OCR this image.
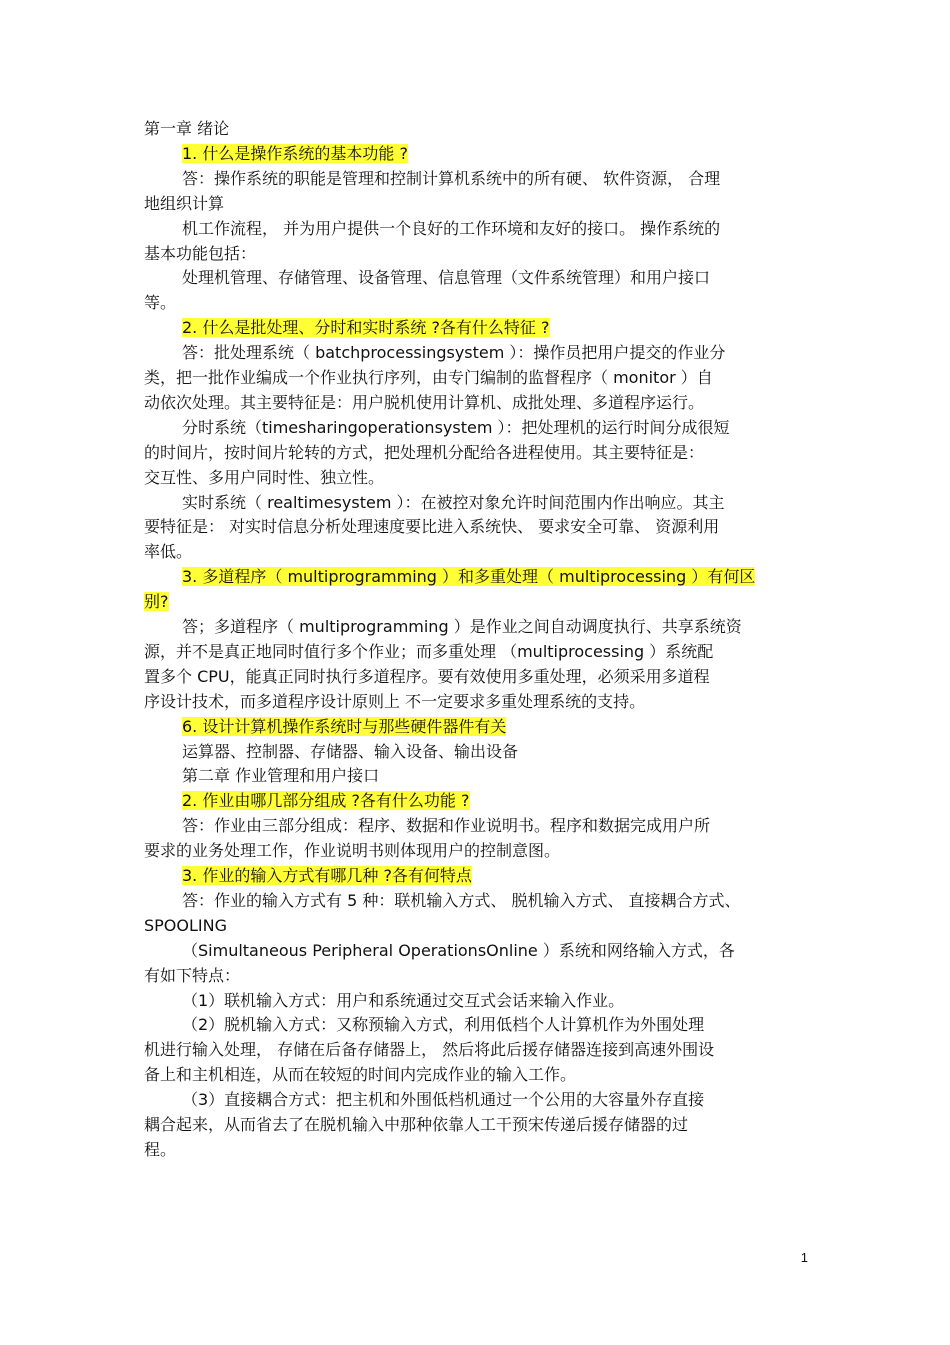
第一章 绪论
1. 什么是操作系统的基本功能 ?
答：操作系统的职能是管理和控制计算机系统中的所有硬、 软件资源， 合理
地组织计算
机工作流程， 并为用户提供一个良好的工作环境和友好的接口。 操作系统的
基本功能包括：
处理机管理、存储管理、设备管理、信息管理（文件系统管理）和用户接口
等。
2. 什么是批处理、分时和实时系统 ?各有什么特征 ?
答：批处理系统（ batchprocessingsystem ）：操作员把用户提交的作业分
类，把一批作业编成一个作业执行序列，由专门编制的监督程序（ monitor ）自
动依次处理。其主要特征是：用户脱机使用计算机、成批处理、多道程序运行。
分时系统（timesharingoperationsystem ）：把处理机的运行时间分成很短
的时间片，按时间片轮转的方式，把处理机分配给各进程使用。其主要特征是：
交互性、多用户同时性、独立性。
实时系统（ realtimesystem ）：在被控对象允许时间范围内作出响应。其主
要特征是： 对实时信息分析处理速度要比进入系统快、 要求安全可靠、 资源利用
率低。
3. 多道程序（ multiprogramming ）和多重处理（ multiprocessing ）有何区
别?
答；多道程序（ multiprogramming ）是作业之间自动调度执行、共享系统资
源，并不是真正地同时值行多个作业；而多重处理 （multiprocessing ）系统配
置多个 CPU，能真正同时执行多道程序。要有效使用多重处理，必须采用多道程
序设计技术，而多道程序设计原则上 不一定要求多重处理系统的支持。
6. 设计计算机操作系统时与那些硬件器件有关
运算器、控制器、存储器、输入设备、输出设备
第二章 作业管理和用户接口
2. 作业由哪几部分组成 ?各有什么功能 ?
答：作业由三部分组成：程序、数据和作业说明书。程序和数据完成用户所
要求的业务处理工作，作业说明书则体现用户的控制意图。
3. 作业的输入方式有哪几种 ?各有何特点
答：作业的输入方式有 5 种：联机输入方式、 脱机输入方式、 直接耦合方式、
SPOOLING
（Simultaneous Peripheral OperationsOnline ）系统和网络输入方式，各
有如下特点：
（1）联机输入方式：用户和系统通过交互式会话来输入作业。
（2）脱机输入方式：又称预输入方式，利用低档个人计算机作为外围处理
机进行输入处理， 存储在后备存储器上， 然后将此后援存储器连接到高速外围设
备上和主机相连，从而在较短的时间内完成作业的输入工作。
（3）直接耦合方式：把主机和外围低档机通过一个公用的大容量外存直接
耦合起来，从而省去了在脱机输入中那种依靠人工干预宋传递后援存储器的过
程。
1
